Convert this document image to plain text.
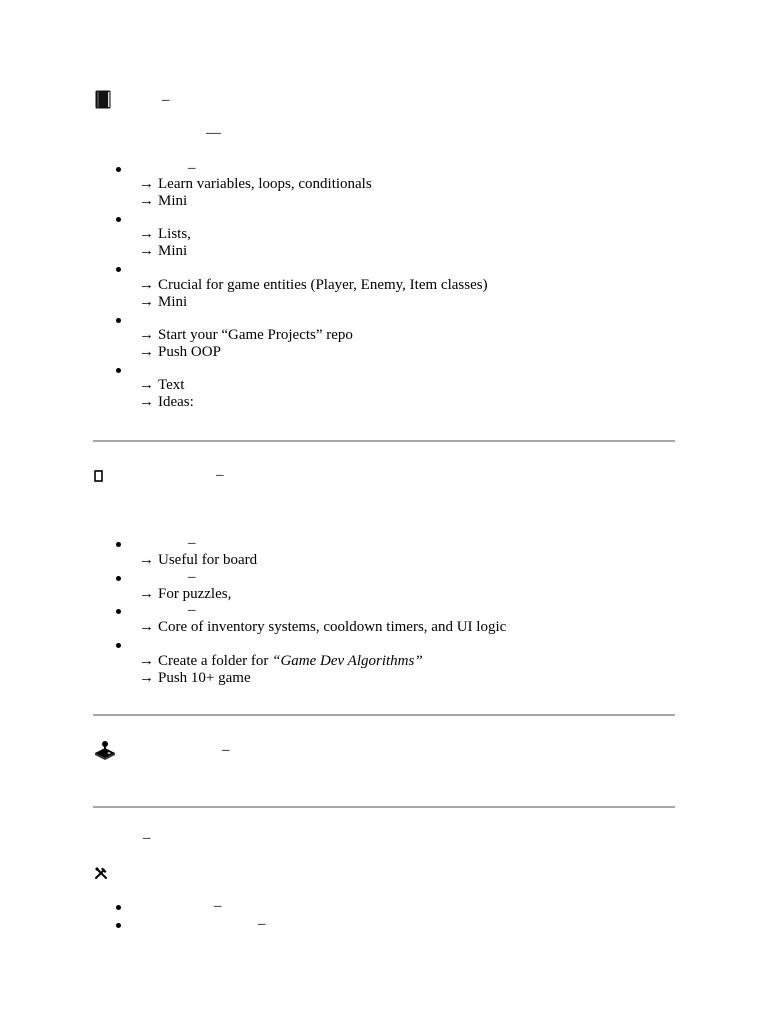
–
—
–
→ Learn variables, loops, conditionals
→ Mini
→ Lists,
→ Mini
→ Crucial for game entities (Player, Enemy, Item classes)
→ Mini
→ Start your “Game Projects” repo
→ Push OOP
→ Text
→ Ideas:
–
–
→ Useful for board
–
→ For puzzles,
–
→ Core of inventory systems, cooldown timers, and UI logic
→ Create a folder for “Game Dev Algorithms”
→ Push 10+ game
–
–
–
–
